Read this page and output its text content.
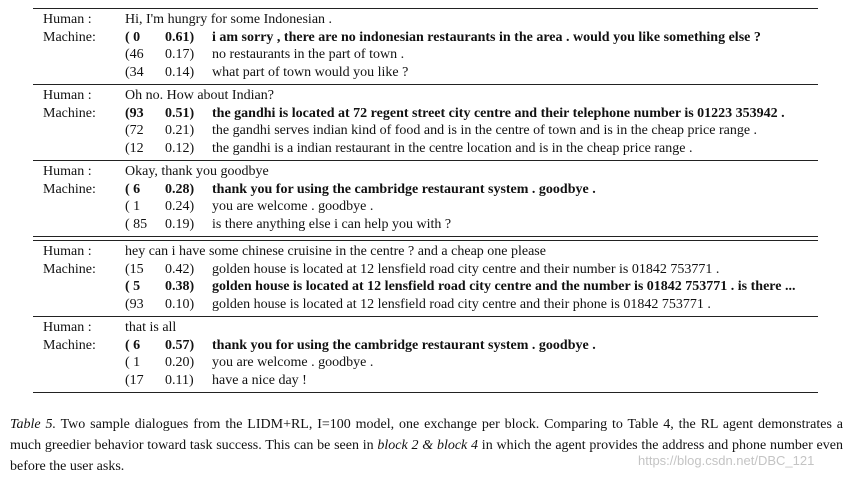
Human :	Hi, I'm hungry for some Indonesian .
Machine:	( 0	0.61)	i am sorry , there are no indonesian restaurants in the area . would you like something else ?
(46	0.17)	no restaurants in the part of town .
(34	0.14)	what part of town would you like ?
Human :	Oh no. How about Indian?
Machine:	(93	0.51)	the gandhi is located at 72 regent street city centre and their telephone number is 01223 353942 .
(72	0.21)	the gandhi serves indian kind of food and is in the centre of town and is in the cheap price range .
(12	0.12)	the gandhi is a indian restaurant in the centre location and is in the cheap price range .
Human :	Okay, thank you goodbye
Machine:	( 6	0.28)	thank you for using the cambridge restaurant system . goodbye .
( 1	0.24)	you are welcome . goodbye .
( 85	0.19)	is there anything else i can help you with ?
Human :	hey can i have some chinese cruisine in the centre ? and a cheap one please
Machine:	(15	0.42)	golden house is located at 12 lensfield road city centre and their number is 01842 753771 .
( 5	0.38)	golden house is located at 12 lensfield road city centre and the number is 01842 753771 . is there ...
(93	0.10)	golden house is located at 12 lensfield road city centre and their phone is 01842 753771 .
Human :	that is all
Machine:	( 6	0.57)	thank you for using the cambridge restaurant system . goodbye .
( 1	0.20)	you are welcome . goodbye .
(17	0.11)	have a nice day !
Table 5. Two sample dialogues from the LIDM+RL, I=100 model, one exchange per block. Comparing to Table 4, the RL agent demonstrates a much greedier behavior toward task success. This can be seen in block 2 & block 4 in which the agent provides the address and phone number even before the user asks.	https://blog.csdn.net/DBC_121
